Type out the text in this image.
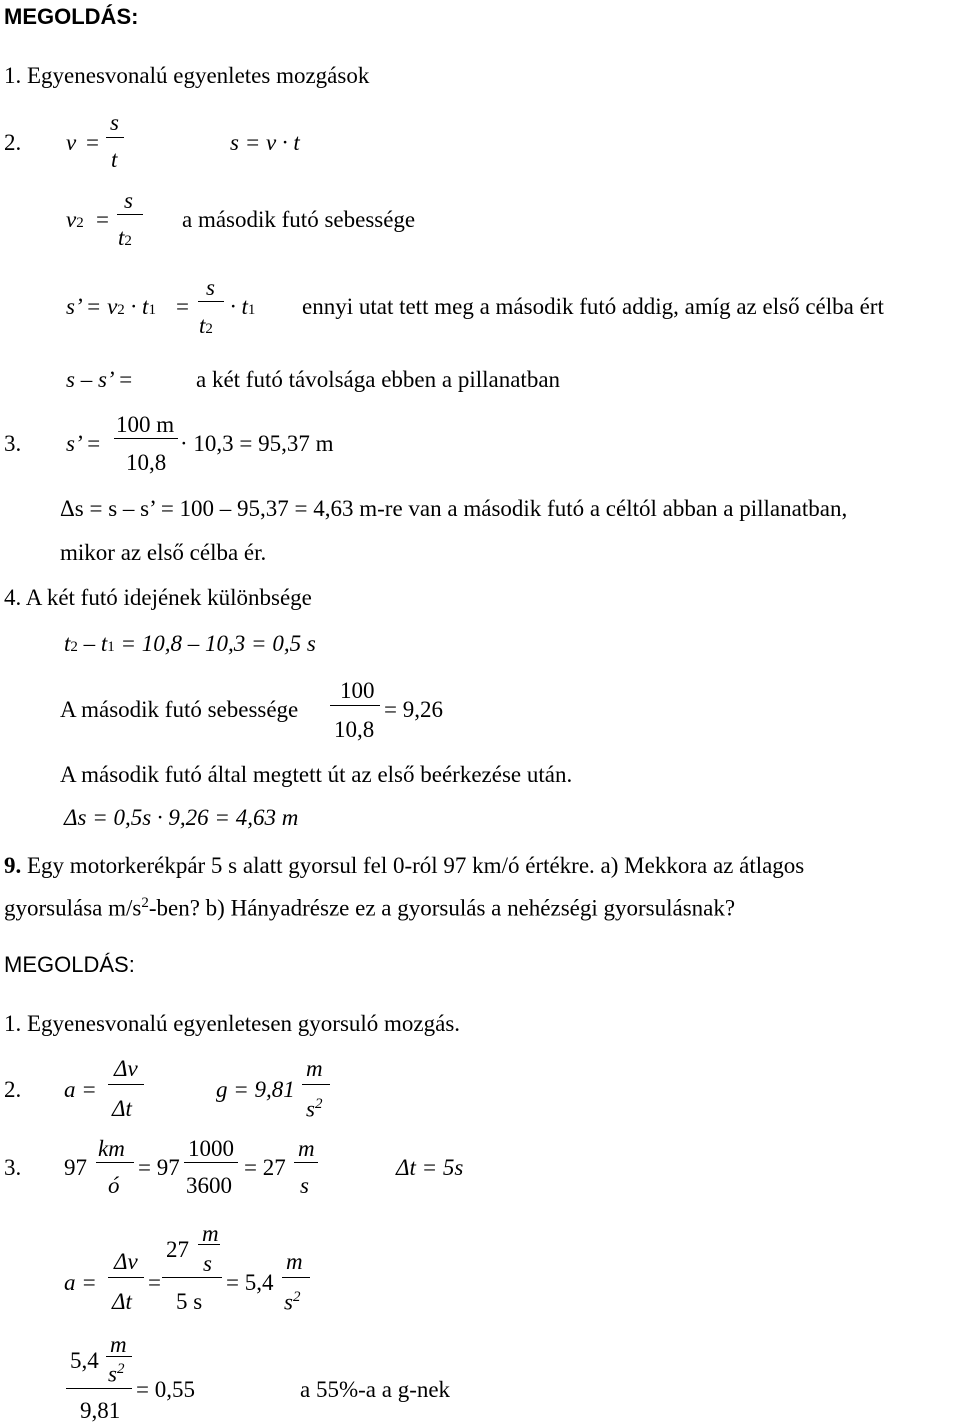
MEGOLDÁS:
1. Egyenesvonalú egyenletes mozgások
2. v =
s
t
s = v · t
v2 =
s
t2
a második futó sebessége
s’ = v2 · t1 =
s
t2
· t1 ennyi utat tett meg a második futó addig, amíg az első célba ért
s – s’ =	a két futó távolsága ebben a pillanatban
3. s’ =
100 m
10,8
· 10,3 = 95,37 m
Δs = s – s’ = 100 – 95,37 = 4,63 m-re van a második futó a céltól abban a pillanatban,
mikor az első célba ér.
4. A két futó idejének különbsége
t2 – t1 = 10,8 – 10,3 = 0,5 s
A második futó sebessége
100
10,8
= 9,26
A második futó által megtett út az első beérkezése után.
Δs = 0,5s · 9,26 = 4,63 m
9. Egy motorkerékpár 5 s alatt gyorsul fel 0-ról 97 km/ó értékre. a) Mekkora az átlagos
gyorsulása $m/s^2$-ben? b) Hányadrésze ez a gyorsulás a nehézségi gyorsulásnak?
MEGOLDÁS:
1. Egyenesvonalú egyenletesen gyorsuló mozgás.
2. a =
Δv
Δt
g = 9,81
m
$s^2$
3. 97
km
ó
= 97
1000
3600
= 27
m
s
Δt = 5s
a =
Δv
Δt
=
27
m
s
5 s
= 5,4
m
$s^2$
5,4
m
$s^2$
9,81
= 0,55	a 55%-a a g-nek
